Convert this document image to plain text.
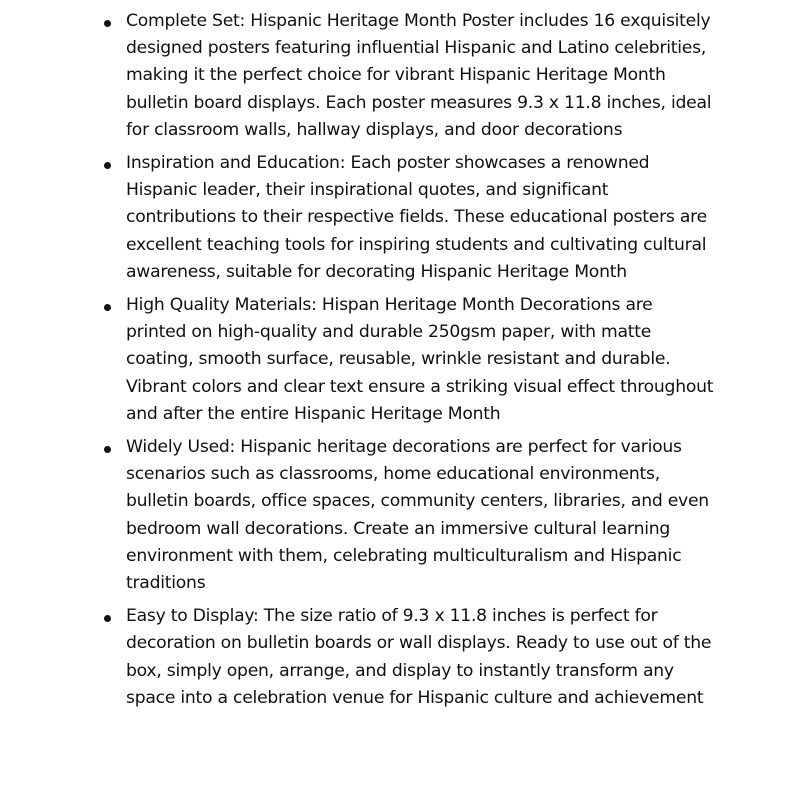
Complete Set: Hispanic Heritage Month Poster includes 16 exquisitely designed posters featuring influential Hispanic and Latino celebrities, making it the perfect choice for vibrant Hispanic Heritage Month bulletin board displays. Each poster measures 9.3 x 11.8 inches, ideal for classroom walls, hallway displays, and door decorations
Inspiration and Education: Each poster showcases a renowned Hispanic leader, their inspirational quotes, and significant contributions to their respective fields. These educational posters are excellent teaching tools for inspiring students and cultivating cultural awareness, suitable for decorating Hispanic Heritage Month
High Quality Materials: Hispan Heritage Month Decorations are printed on high-quality and durable 250gsm paper, with matte coating, smooth surface, reusable, wrinkle resistant and durable. Vibrant colors and clear text ensure a striking visual effect throughout and after the entire Hispanic Heritage Month
Widely Used: Hispanic heritage decorations are perfect for various scenarios such as classrooms, home educational environments, bulletin boards, office spaces, community centers, libraries, and even bedroom wall decorations. Create an immersive cultural learning environment with them, celebrating multiculturalism and Hispanic traditions
Easy to Display: The size ratio of 9.3 x 11.8 inches is perfect for decoration on bulletin boards or wall displays. Ready to use out of the box, simply open, arrange, and display to instantly transform any space into a celebration venue for Hispanic culture and achievement
